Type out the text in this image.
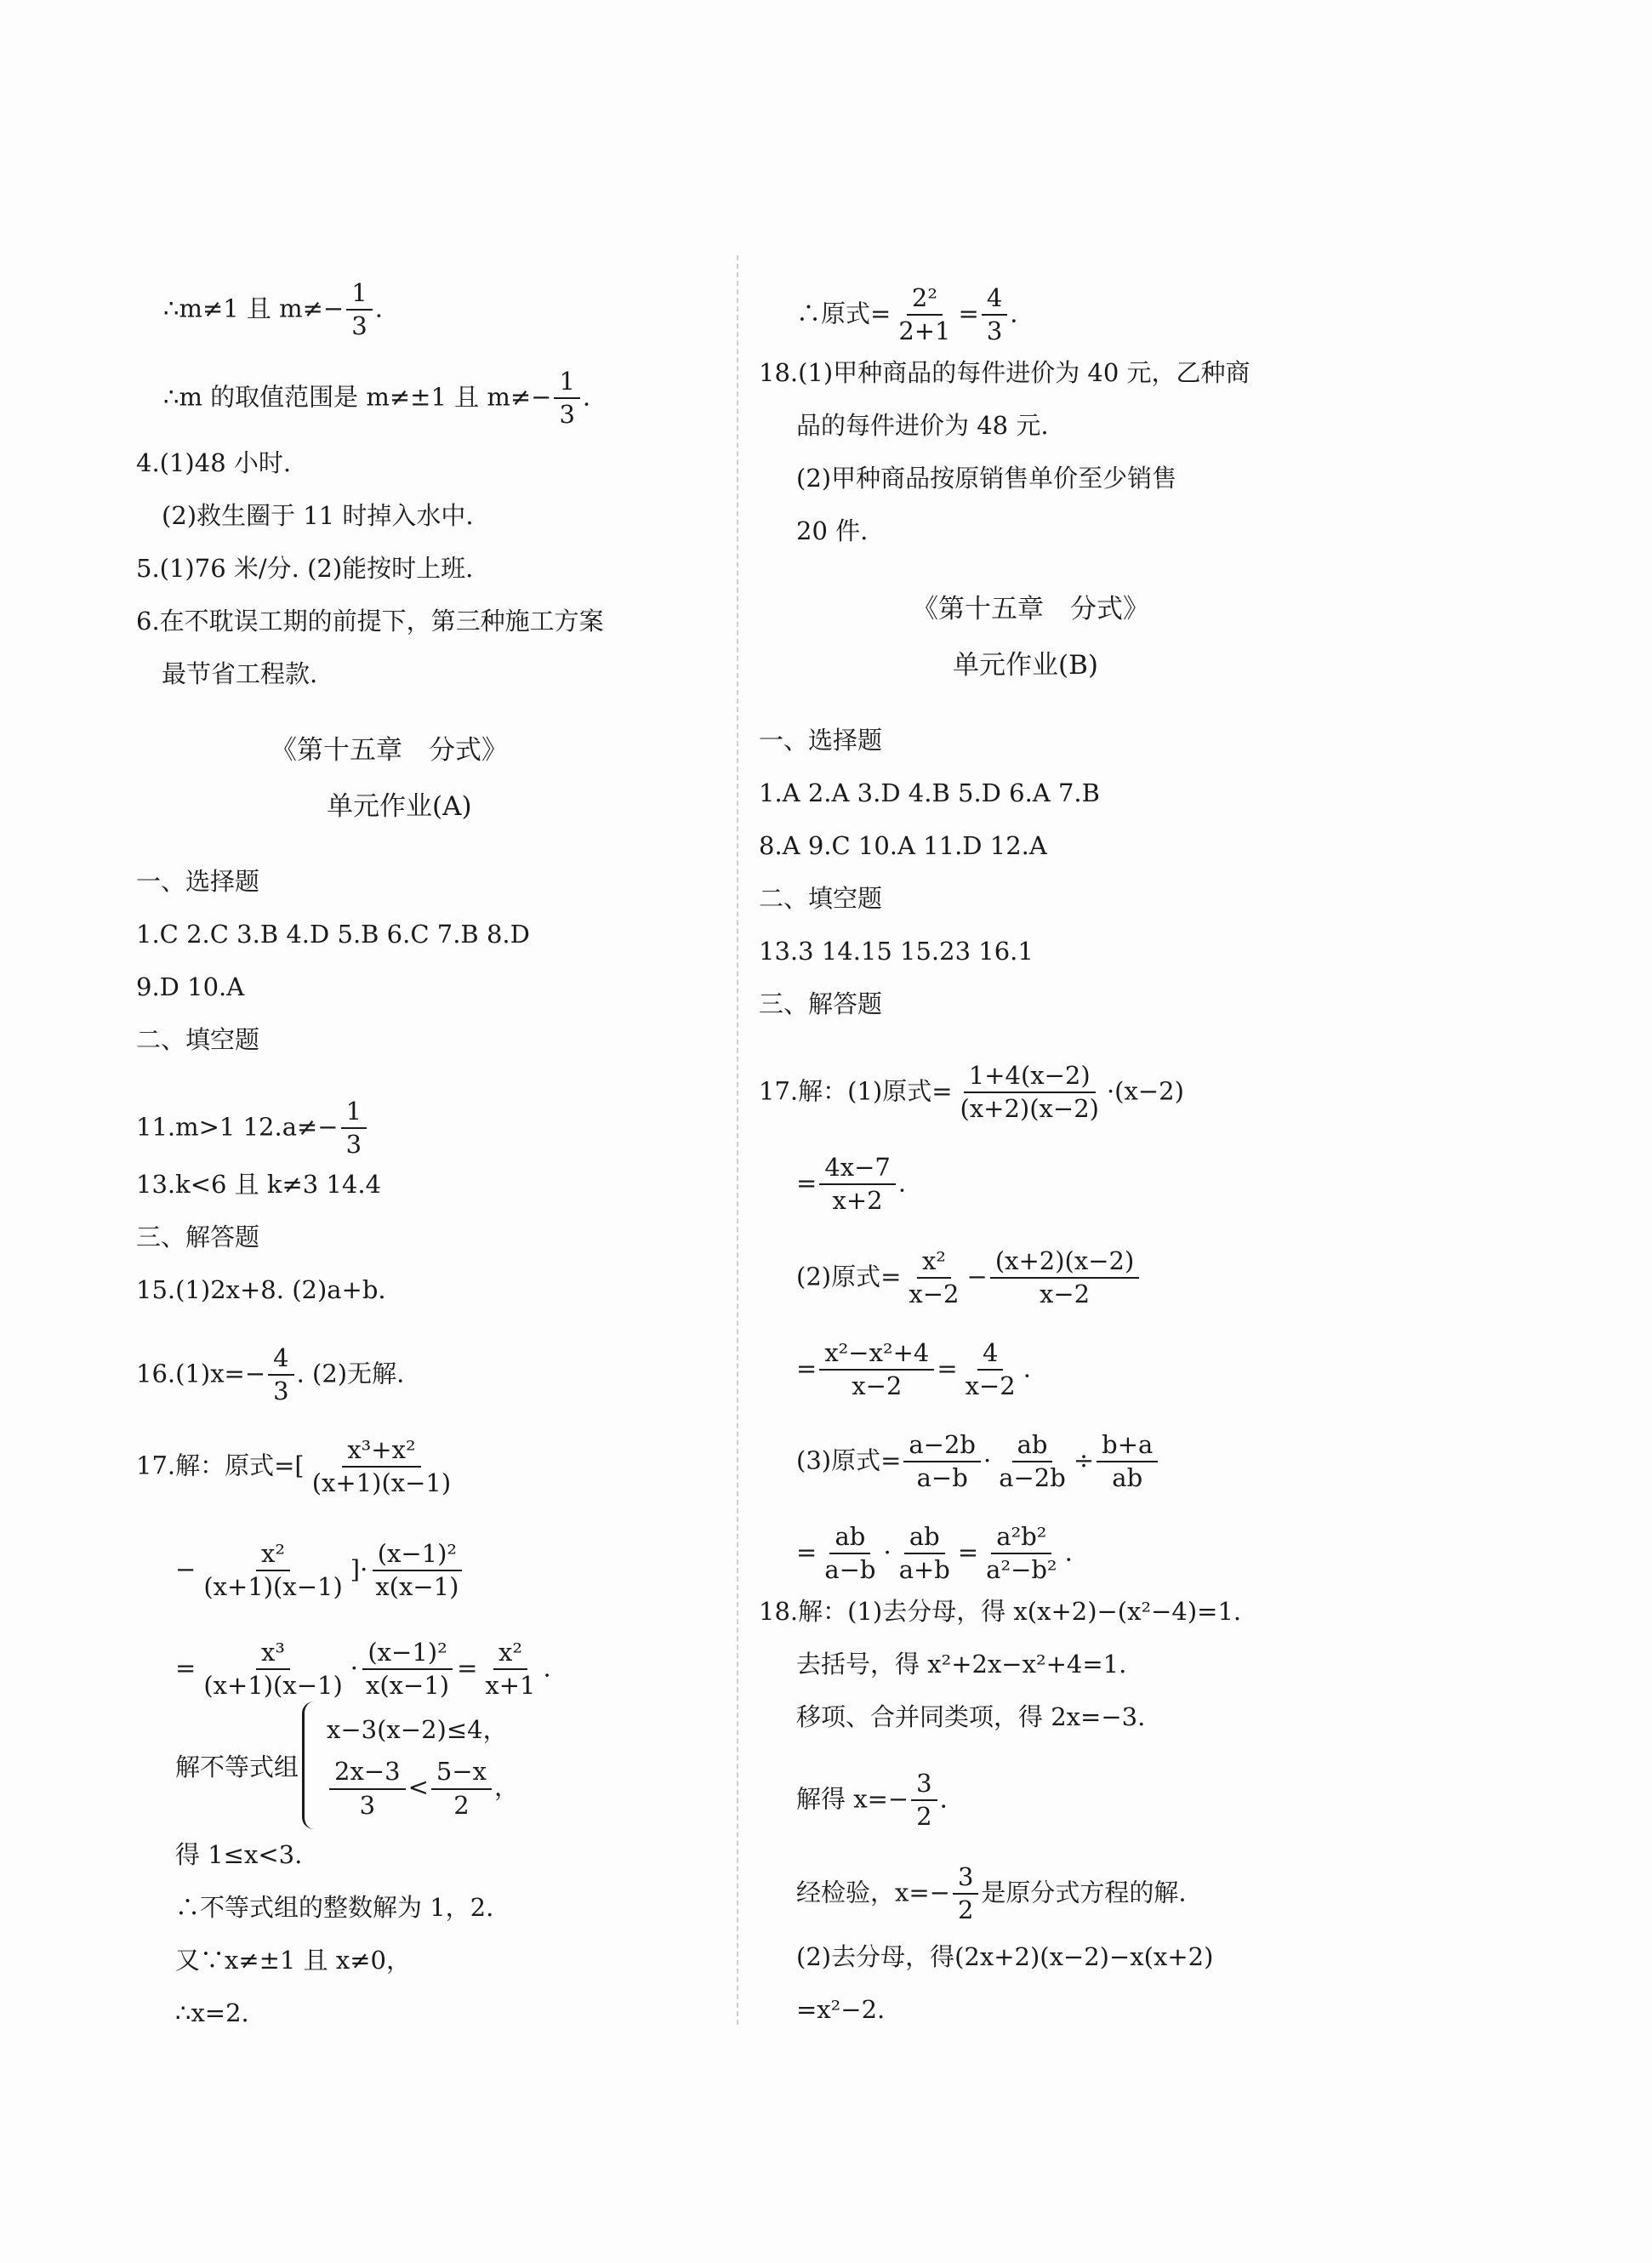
∴m≠1 且 $m\ne- \frac{1}{3}$ .
∴m 的取值范围是 m≠±1 且 $m\ne- \frac{1}{3}$ .
4.(1)48 小时.
(2)救生圈于 11 时掉入水中.
5.(1)76 米/分. (2)能按时上班.
6.在不耽误工期的前提下，第三种施工方案
最节省工程款.
《第十五章　分式》
单元作业(A)
一、选择题
1.C 2.C 3.B 4.D 5.B 6.C 7.B 8.D
9.D 10.A
二、填空题
11.m>1 $12.a\ne- \frac{1}{3}$
13.k<6 且 k≠3 14.4
三、解答题
15.(1)2x+8. (2)a+b.
$16.(1)x=- \frac{4}{3}$ . (2)无解.
17.解：原式=[ $\frac{\text{x³+x²}}{(x+1)(x-1)}$
− $\frac{\text{x²}}{(x+1)(x-1)}$ ]· $\frac{\text{(x−1)²}}{x(x-1)}$
= $\frac{\text{x³}}{(x+1)(x-1)} \cdot \frac{\text{(x−1)²}}{x(x-1)} = \frac{\text{x²}}{x+1}$ .
解不等式组
x−3(x−2)≤4，
$\frac{2x-3}{3} < \frac{5-x}{2}$ ，
得 1≤x<3.
∴不等式组的整数解为 1，2.
又∵x≠±1 且 x≠0，
∴x=2.
∴原式= $\frac{\text{2²}}{2+1} = \frac{4}{3}$ .
18.(1)甲种商品的每件进价为 40 元，乙种商
品的每件进价为 48 元.
(2)甲种商品按原销售单价至少销售
20 件.
《第十五章　分式》
单元作业(B)
一、选择题
1.A 2.A 3.D 4.B 5.D 6.A 7.B
8.A 9.C 10.A 11.D 12.A
二、填空题
13.3 14.15 15.23 16.1
三、解答题
17.解：(1)原式= $\frac{1+4(x-2)}{(x+2)(x-2)} \cdot(x-2)$
= $\frac{4x-7}{x+2}$ .
(2)原式= $\frac{\text{x²}}{x-2} - \frac{(x+2)(x-2)}{x-2}$
= $\frac{\text{x²−x²+4}}{x-2} = \frac{4}{x-2}$ .
(3)原式= $\frac{a-2b}{a-b} \cdot \frac{ab}{a-2b} \div \frac{b+a}{ab}$
= $\frac{ab}{a-b} \cdot \frac{ab}{a+b} = \frac{\text{a²b²}}{\text{a²−b²}}$ .
18.解：(1)去分母，得 x(x+2)−(x²−4)=1.
去括号，得 x²+2x−x²+4=1.
移项、合并同类项，得 2x=−3.
解得 $x=- \frac{3}{2}$ .
经检验，$x=- \frac{3}{2}$ 是原分式方程的解.
(2)去分母，得(2x+2)(x−2)−x(x+2)
=x²−2.
